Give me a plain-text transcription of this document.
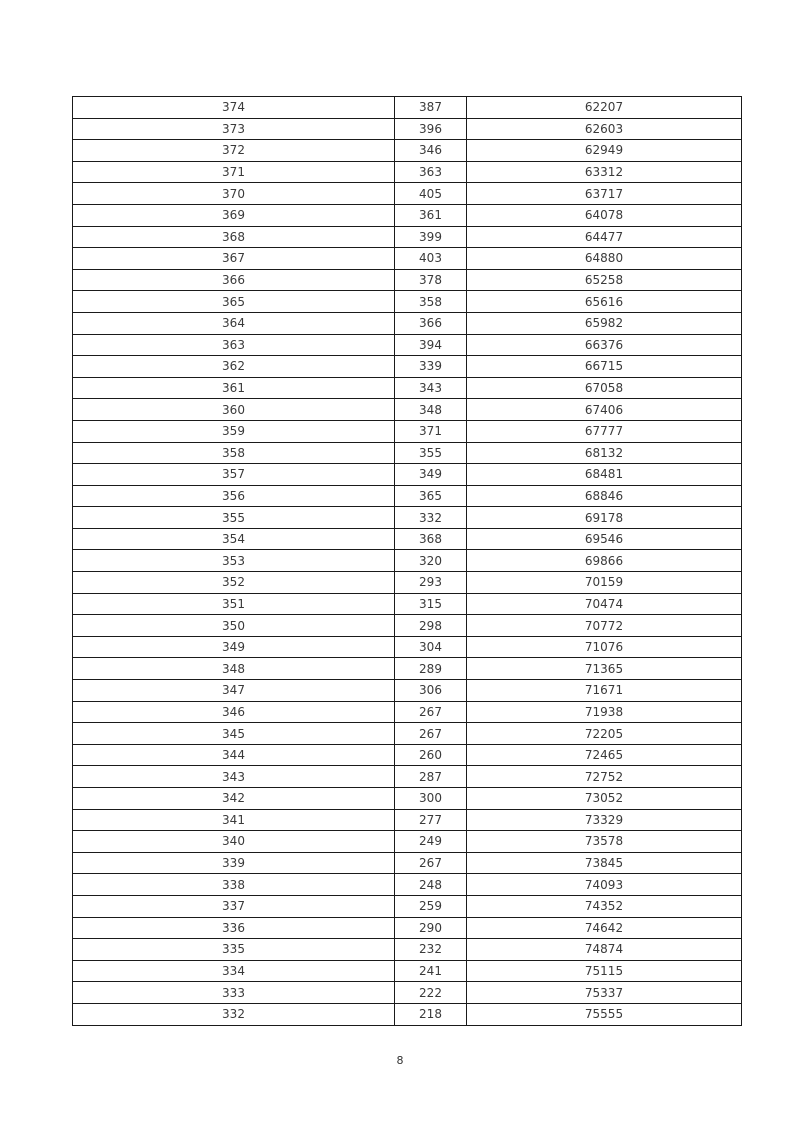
374	387	62207
373	396	62603
372	346	62949
371	363	63312
370	405	63717
369	361	64078
368	399	64477
367	403	64880
366	378	65258
365	358	65616
364	366	65982
363	394	66376
362	339	66715
361	343	67058
360	348	67406
359	371	67777
358	355	68132
357	349	68481
356	365	68846
355	332	69178
354	368	69546
353	320	69866
352	293	70159
351	315	70474
350	298	70772
349	304	71076
348	289	71365
347	306	71671
346	267	71938
345	267	72205
344	260	72465
343	287	72752
342	300	73052
341	277	73329
340	249	73578
339	267	73845
338	248	74093
337	259	74352
336	290	74642
335	232	74874
334	241	75115
333	222	75337
332	218	75555
8
